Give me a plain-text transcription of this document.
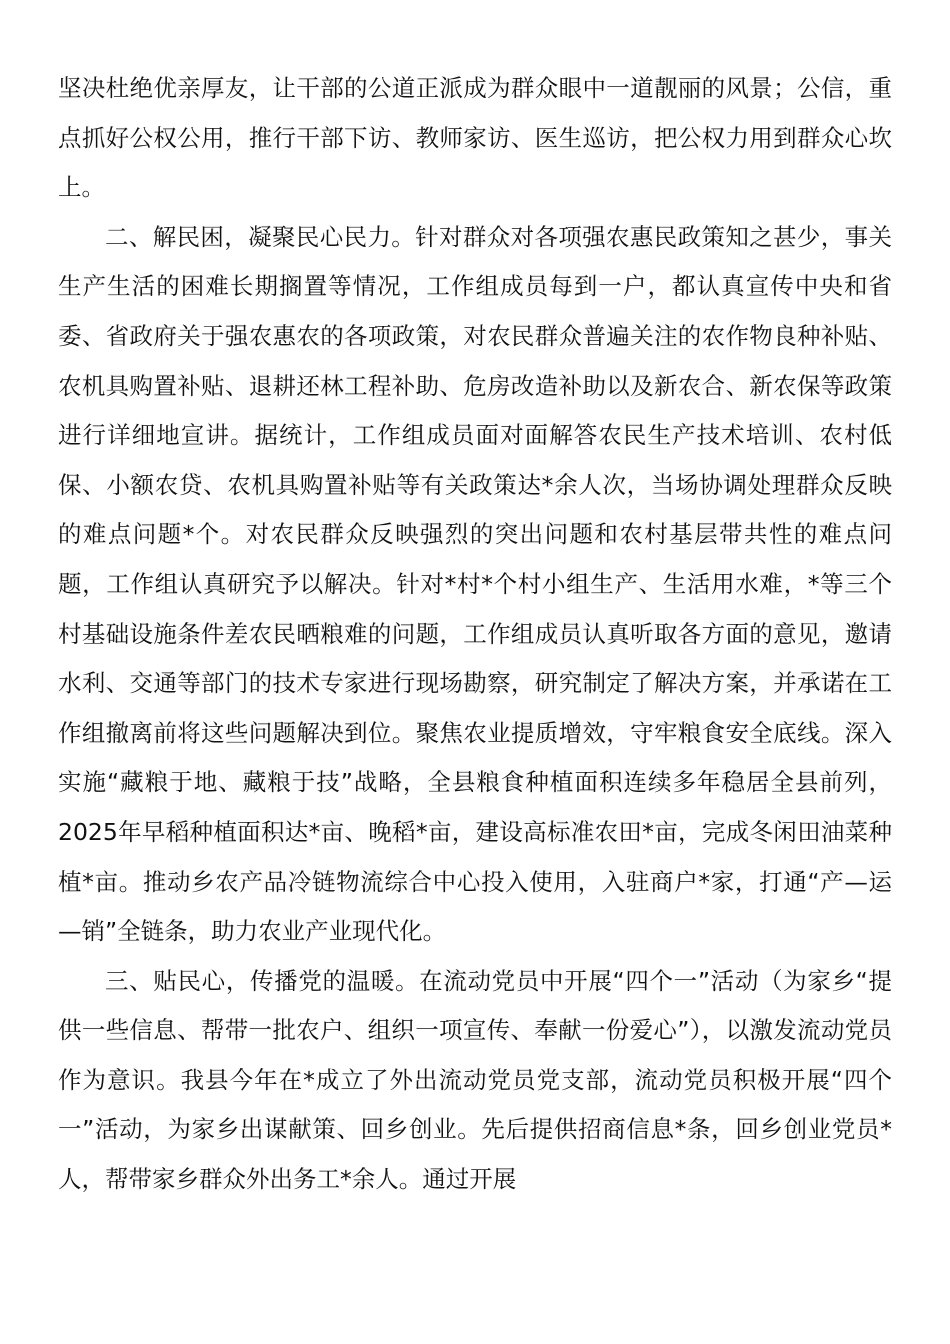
坚决杜绝优亲厚友，让干部的公道正派成为群众眼中一道靓丽的风景；公信，重点抓好公权公用，推行干部下访、教师家访、医生巡访，把公权力用到群众心坎上。

二、解民困，凝聚民心民力。针对群众对各项强农惠民政策知之甚少，事关生产生活的困难长期搁置等情况，工作组成员每到一户，都认真宣传中央和省委、省政府关于强农惠农的各项政策，对农民群众普遍关注的农作物良种补贴、农机具购置补贴、退耕还林工程补助、危房改造补助以及新农合、新农保等政策进行详细地宣讲。据统计，工作组成员面对面解答农民生产技术培训、农村低保、小额农贷、农机具购置补贴等有关政策达*余人次，当场协调处理群众反映的难点问题*个。对农民群众反映强烈的突出问题和农村基层带共性的难点问题，工作组认真研究予以解决。针对*村*个村小组生产、生活用水难，*等三个村基础设施条件差农民晒粮难的问题，工作组成员认真听取各方面的意见，邀请水利、交通等部门的技术专家进行现场勘察，研究制定了解决方案，并承诺在工作组撤离前将这些问题解决到位。聚焦农业提质增效，守牢粮食安全底线。深入实施“藏粮于地、藏粮于技”战略，全县粮食种植面积连续多年稳居全县前列，2025年早稻种植面积达*亩、晚稻*亩，建设高标准农田*亩，完成冬闲田油菜种植*亩。推动乡农产品冷链物流综合中心投入使用，入驻商户*家，打通“产—运—销”全链条，助力农业产业现代化。

三、贴民心，传播党的温暖。在流动党员中开展“四个一”活动（为家乡“提供一些信息、帮带一批农户、组织一项宣传、奉献一份爱心”），以激发流动党员作为意识。我县今年在*成立了外出流动党员党支部，流动党员积极开展“四个一”活动，为家乡出谋献策、回乡创业。先后提供招商信息*条，回乡创业党员*人，帮带家乡群众外出务工*余人。通过开展
